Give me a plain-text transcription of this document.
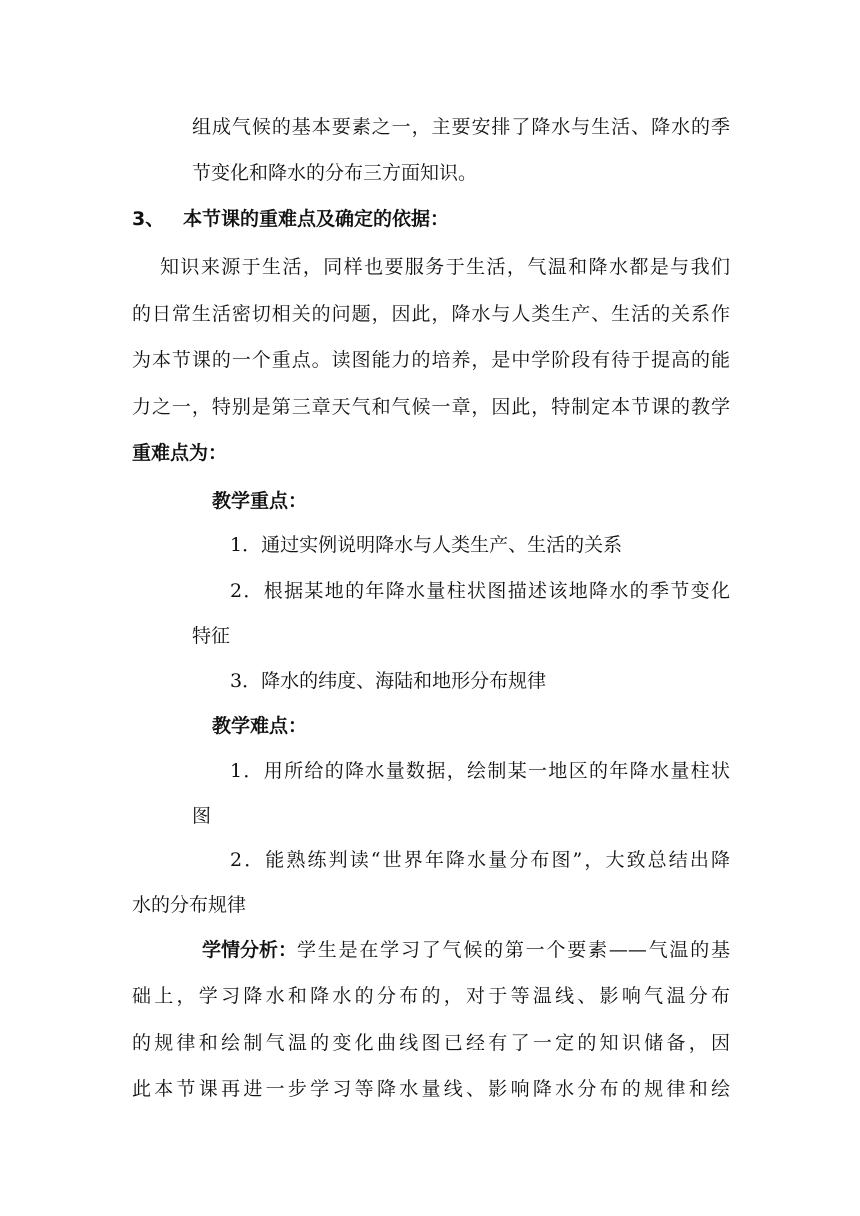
组成气候的基本要素之一，主要安排了降水与生活、降水的季
节变化和降水的分布三方面知识。
3、 本节课的重难点及确定的依据：
知识来源于生活，同样也要服务于生活，气温和降水都是与我们
的日常生活密切相关的问题，因此，降水与人类生产、生活的关系作
为本节课的一个重点。读图能力的培养，是中学阶段有待于提高的能
力之一，特别是第三章天气和气候一章，因此，特制定本节课的教学
重难点为：
教学重点：
1．通过实例说明降水与人类生产、生活的关系
2．根据某地的年降水量柱状图描述该地降水的季节变化
特征
3．降水的纬度、海陆和地形分布规律
教学难点：
1．用所给的降水量数据，绘制某一地区的年降水量柱状
图
2．能熟练判读“世界年降水量分布图”，大致总结出降
水的分布规律
学情分析： 学生是在学习了气候的第一个要素——气温的基
础上，学习降水和降水的分布的，对于等温线、影响气温分布
的规律和绘制气温的变化曲线图已经有了一定的知识储备，因
此本节课再进一步学习等降水量线、影响降水分布的规律和绘
